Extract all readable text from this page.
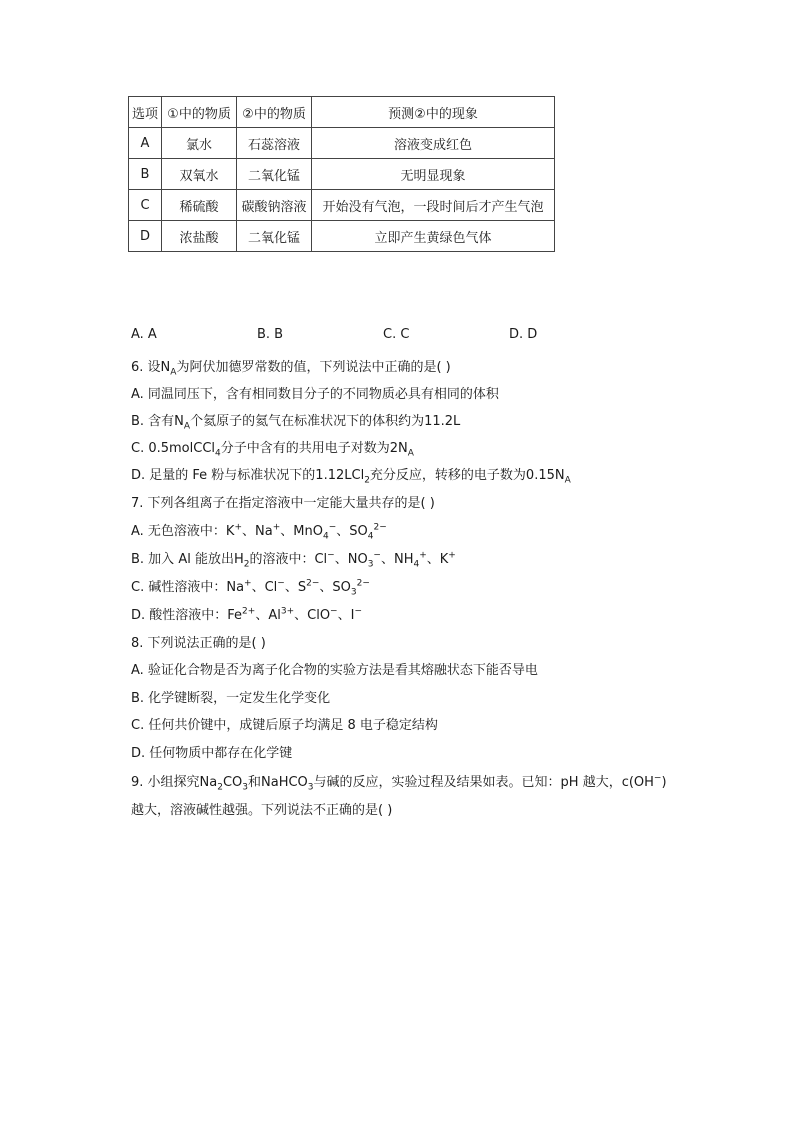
选项	①中的物质	②中的物质	预测②中的现象
A	氯水	石蕊溶液	溶液变成红色
B	双氧水	二氧化锰	无明显现象
C	稀硫酸	碳酸钠溶液	开始没有气泡，一段时间后才产生气泡
D	浓盐酸	二氧化锰	立即产生黄绿色气体
A. A	B. B	C. C	D. D
6. 设$N_A$为阿伏加德罗常数的值，下列说法中正确的是( )
A. 同温同压下，含有相同数目分子的不同物质必具有相同的体积
B. 含有$N_A$个氦原子的氦气在标准状况下的体积约为11.2L
C. 0.5molCCl$_4$分子中含有的共用电子对数为$2N_A$
D. 足量的 Fe 粉与标准状况下的1.12LCl$_2$充分反应，转移的电子数为$0.15N_A$
7. 下列各组离子在指定溶液中一定能大量共存的是( )
A. 无色溶液中：K+、Na+、MnO$_4$−、$SO_4^{2-}$
B. 加入 Al 能放出$H_2$的溶液中：Cl−、$NO_3^-$、$NH_4^+$、K+
C. 碱性溶液中：Na+、Cl−、$S^{2-}$、$SO_3^{2-}$
D. 酸性溶液中：$Fe^{2+}$、$Al^{3+}$、ClO−、I−
8. 下列说法正确的是( )
A. 验证化合物是否为离子化合物的实验方法是看其熔融状态下能否导电
B. 化学键断裂，一定发生化学变化
C. 任何共价键中，成键后原子均满足 8 电子稳定结构
D. 任何物质中都存在化学键
9. 小组探究$Na_2CO_3$和NaHCO$_3$与碱的反应，实验过程及结果如表。已知：pH 越大，c(OH−)
越大，溶液碱性越强。下列说法不正确的是( )
